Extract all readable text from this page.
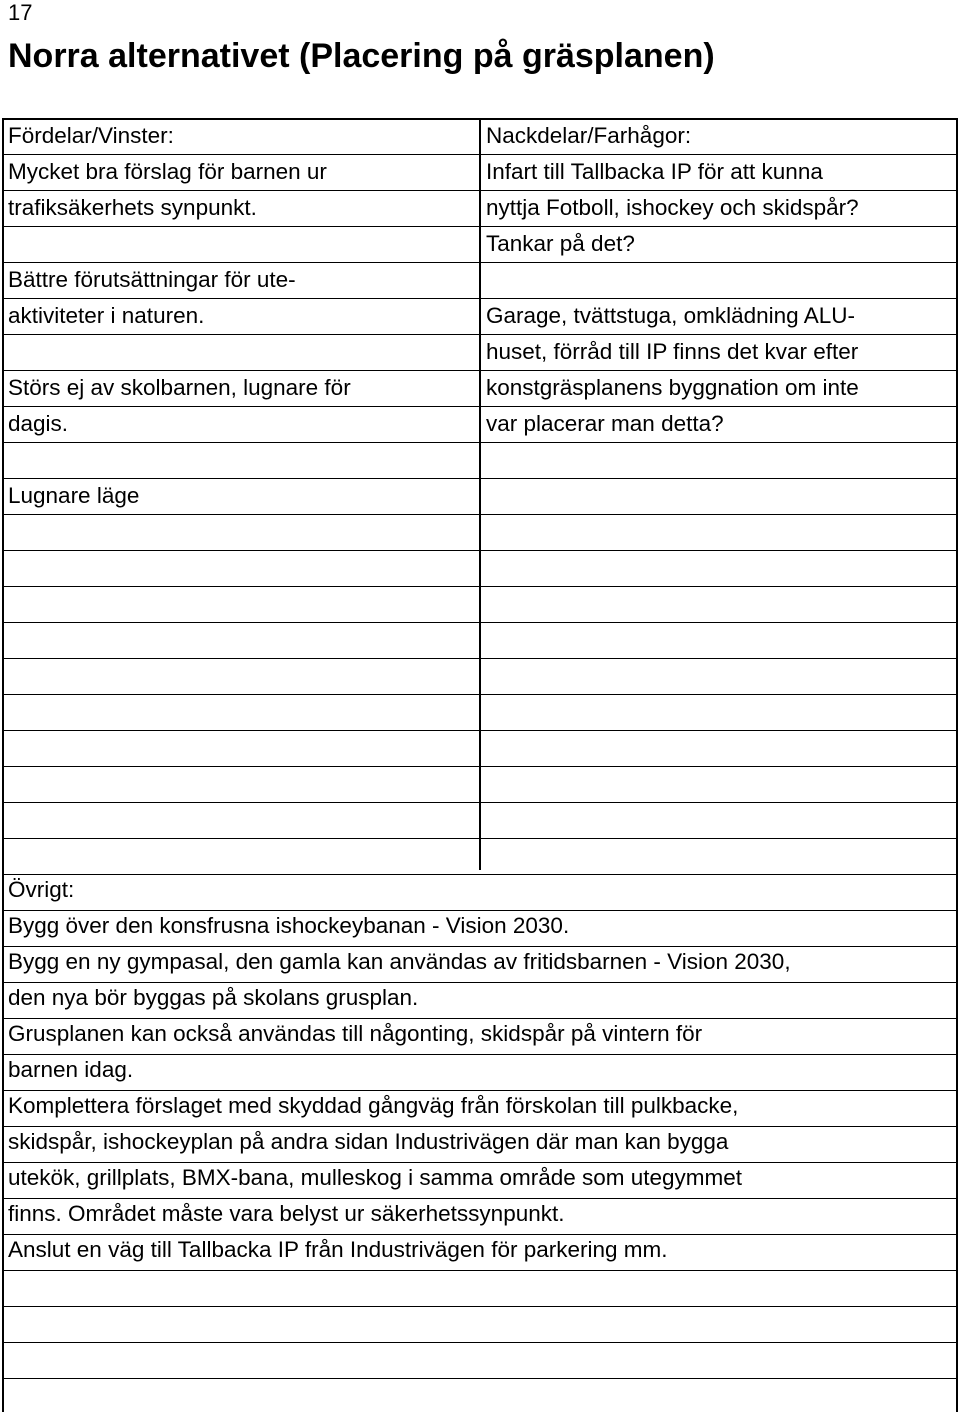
17
Norra alternativet (Placering på gräsplanen)
Fördelar/Vinster:
Mycket bra förslag för barnen ur
trafiksäkerhets synpunkt.
Bättre förutsättningar för ute-
aktiviteter i naturen.
Störs ej av skolbarnen, lugnare för
dagis.
Lugnare läge
Nackdelar/Farhågor:
Infart till Tallbacka IP för att kunna
nyttja Fotboll, ishockey och skidspår?
Tankar på det?
Garage, tvättstuga, omklädning ALU-
huset, förråd till IP finns det kvar efter
konstgräsplanens byggnation om inte
var placerar man detta?
Övrigt:
Bygg över den konsfrusna ishockeybanan - Vision 2030.
Bygg en ny gympasal, den gamla kan användas av fritidsbarnen - Vision 2030,
den nya bör byggas på skolans grusplan.
Grusplanen kan också användas till någonting, skidspår på vintern för
barnen idag.
Komplettera förslaget med skyddad gångväg från förskolan till pulkbacke,
skidspår, ishockeyplan på andra sidan Industrivägen där man kan bygga
utekök, grillplats, BMX-bana, mulleskog i samma område som utegymmet
finns. Området måste vara belyst ur säkerhetssynpunkt.
Anslut en väg till Tallbacka IP från Industrivägen för parkering mm.
